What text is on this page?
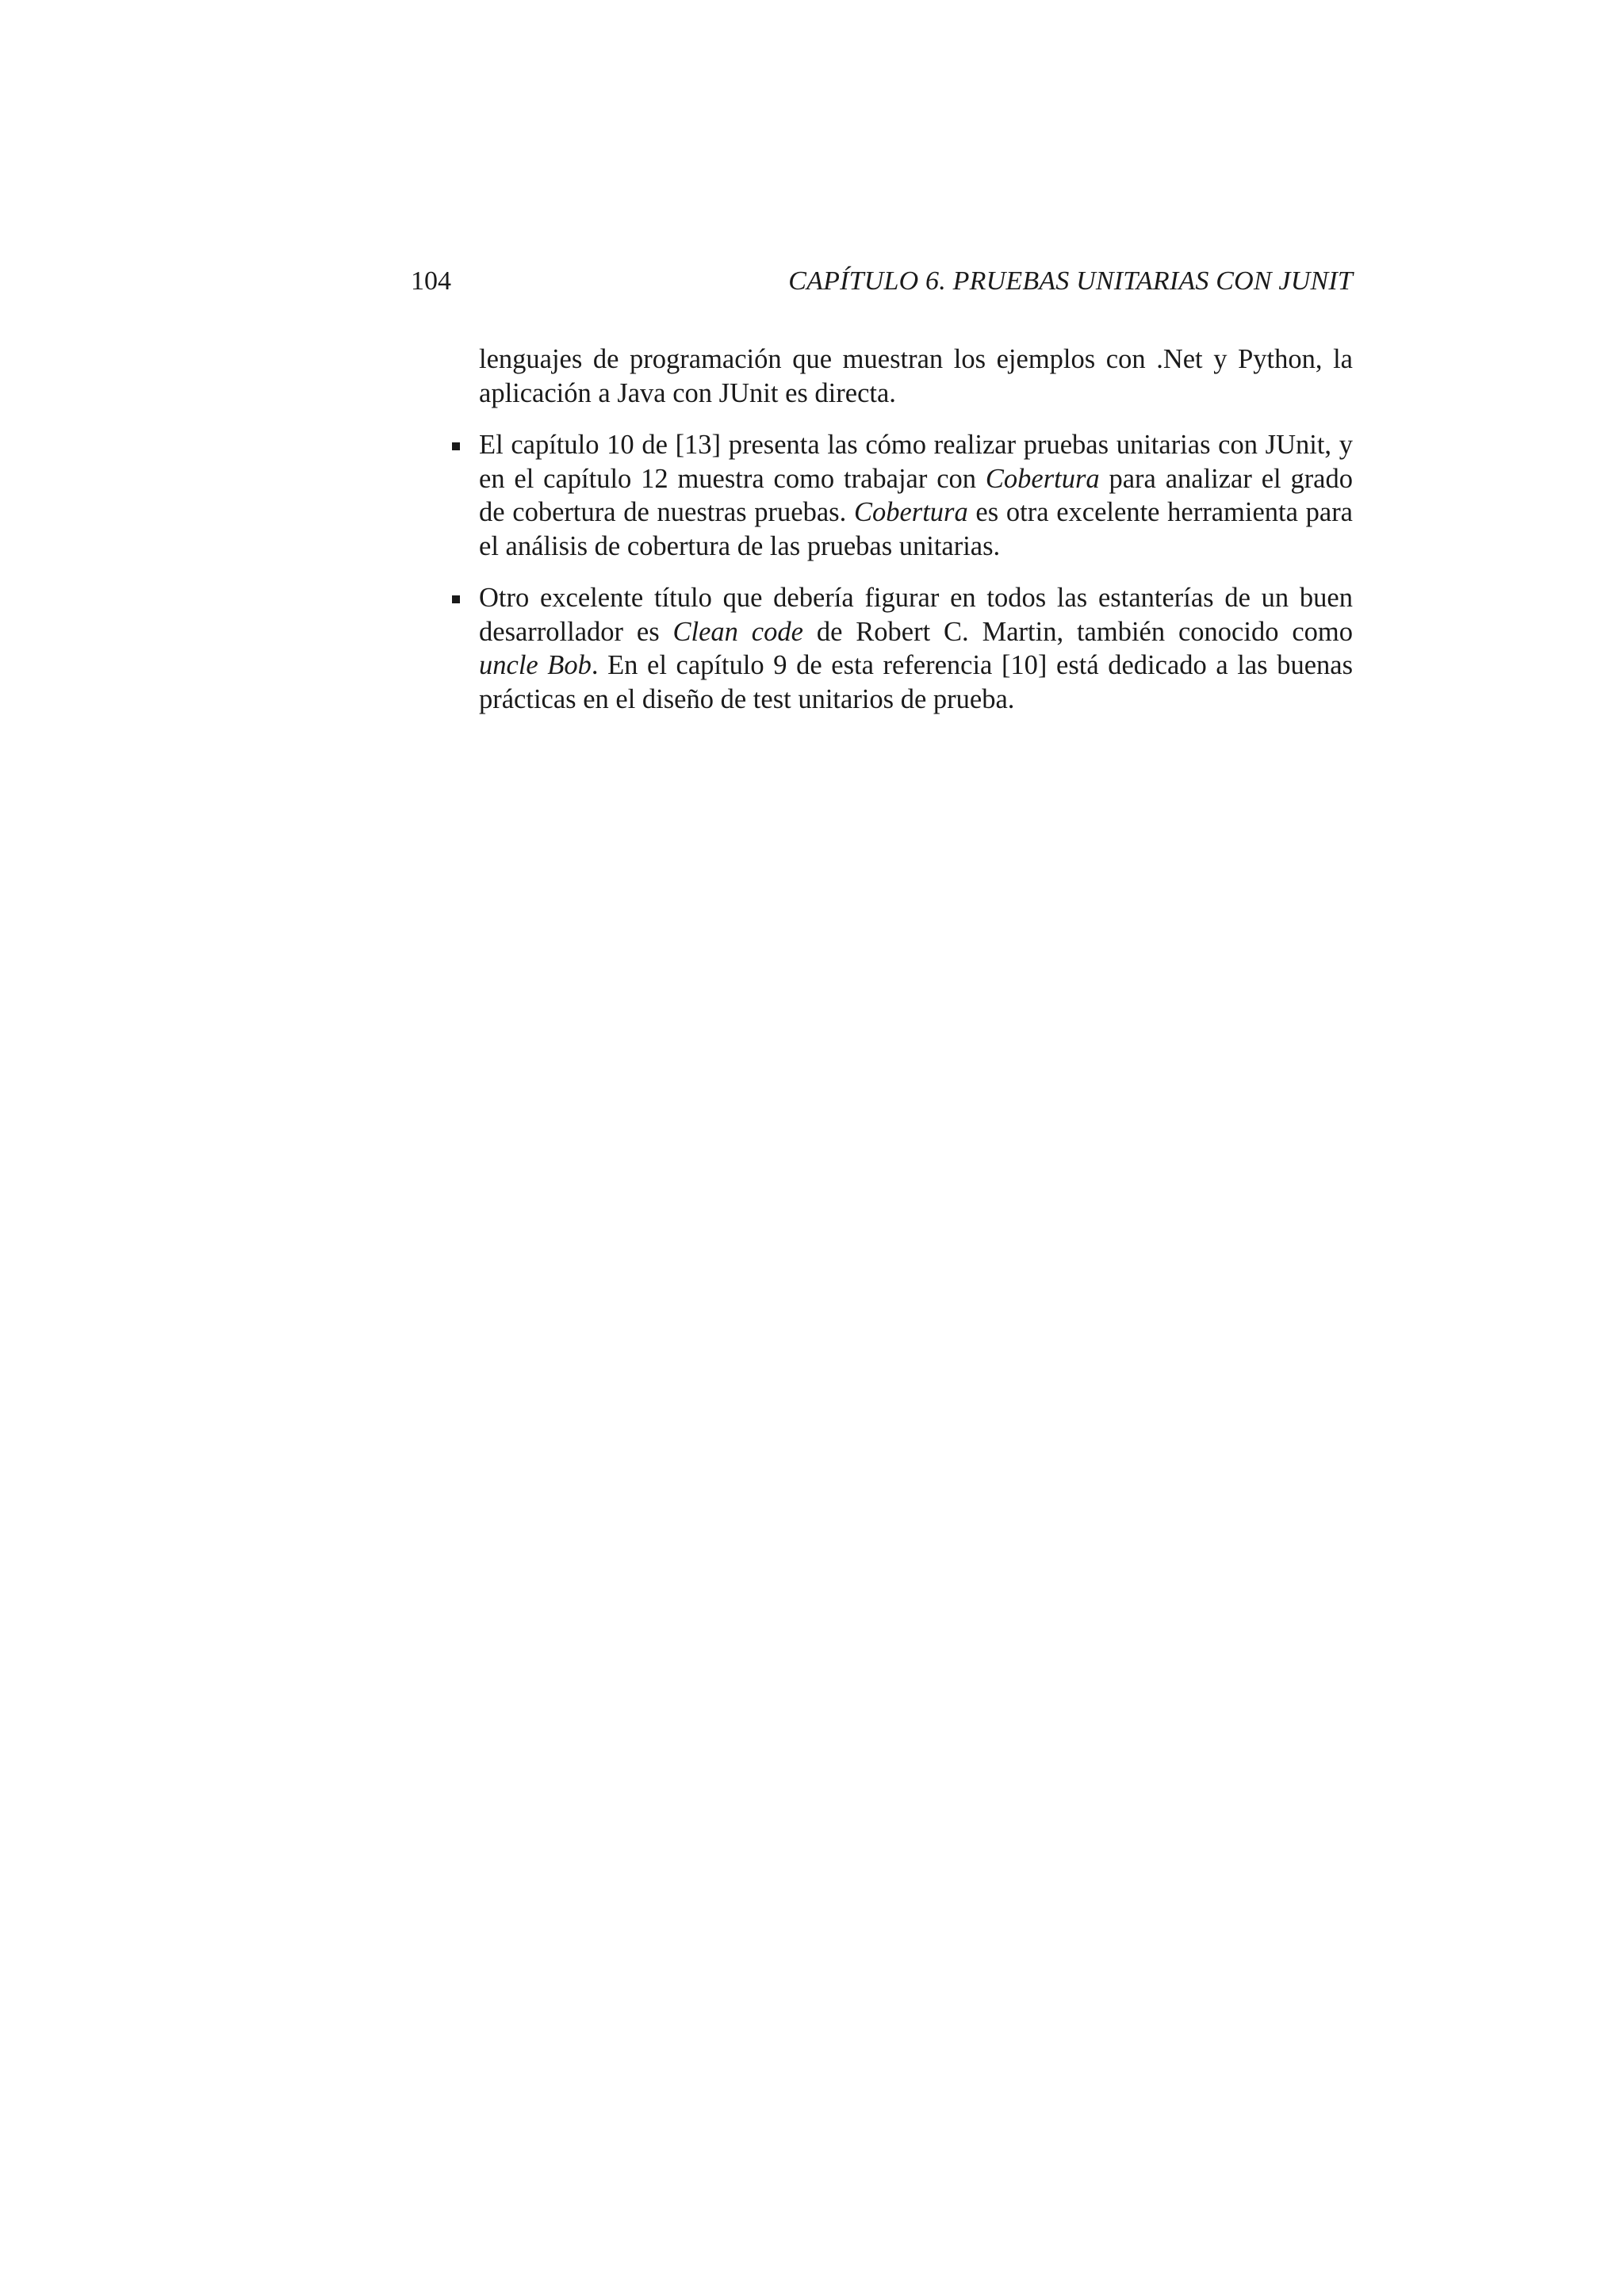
104	CAPÍTULO 6. PRUEBAS UNITARIAS CON JUNIT

lenguajes de programación que muestran los ejemplos con .Net y Python, la aplicación a Java con JUnit es directa.

El capítulo 10 de [13] presenta las cómo realizar pruebas unitarias con JUnit, y en el capítulo 12 muestra como trabajar con Cobertura para analizar el grado de cobertura de nuestras pruebas. Cobertura es otra excelente herramienta para el análisis de cobertura de las pruebas unitarias.
Otro excelente título que debería figurar en todos las estanterías de un buen desarrollador es Clean code de Robert C. Martin, también conocido como uncle Bob. En el capítulo 9 de esta referencia [10] está dedicado a las buenas prácticas en el diseño de test unitarios de prueba.
